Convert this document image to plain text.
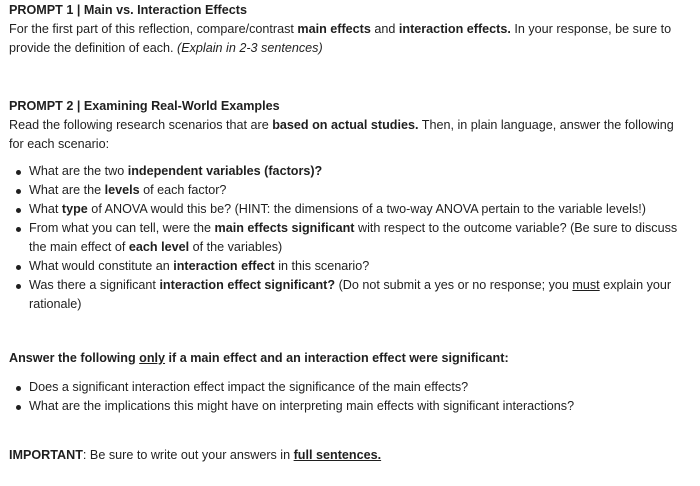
PROMPT 1 | Main vs. Interaction Effects

For the first part of this reflection, compare/contrast main effects and interaction effects. In your response, be sure to provide the definition of each. (Explain in 2-3 sentences)

PROMPT 2 | Examining Real-World Examples

Read the following research scenarios that are based on actual studies. Then, in plain language, answer the following for each scenario:

What are the two independent variables (factors)?
What are the levels of each factor?
What type of ANOVA would this be? (HINT: the dimensions of a two-way ANOVA pertain to the variable levels!)
From what you can tell, were the main effects significant with respect to the outcome variable? (Be sure to discuss the main effect of each level of the variables)
What would constitute an interaction effect in this scenario?
Was there a significant interaction effect significant? (Do not submit a yes or no response; you must explain your rationale)

Answer the following only if a main effect and an interaction effect were significant:

Does a significant interaction effect impact the significance of the main effects?
What are the implications this might have on interpreting main effects with significant interactions?

IMPORTANT: Be sure to write out your answers in full sentences.
